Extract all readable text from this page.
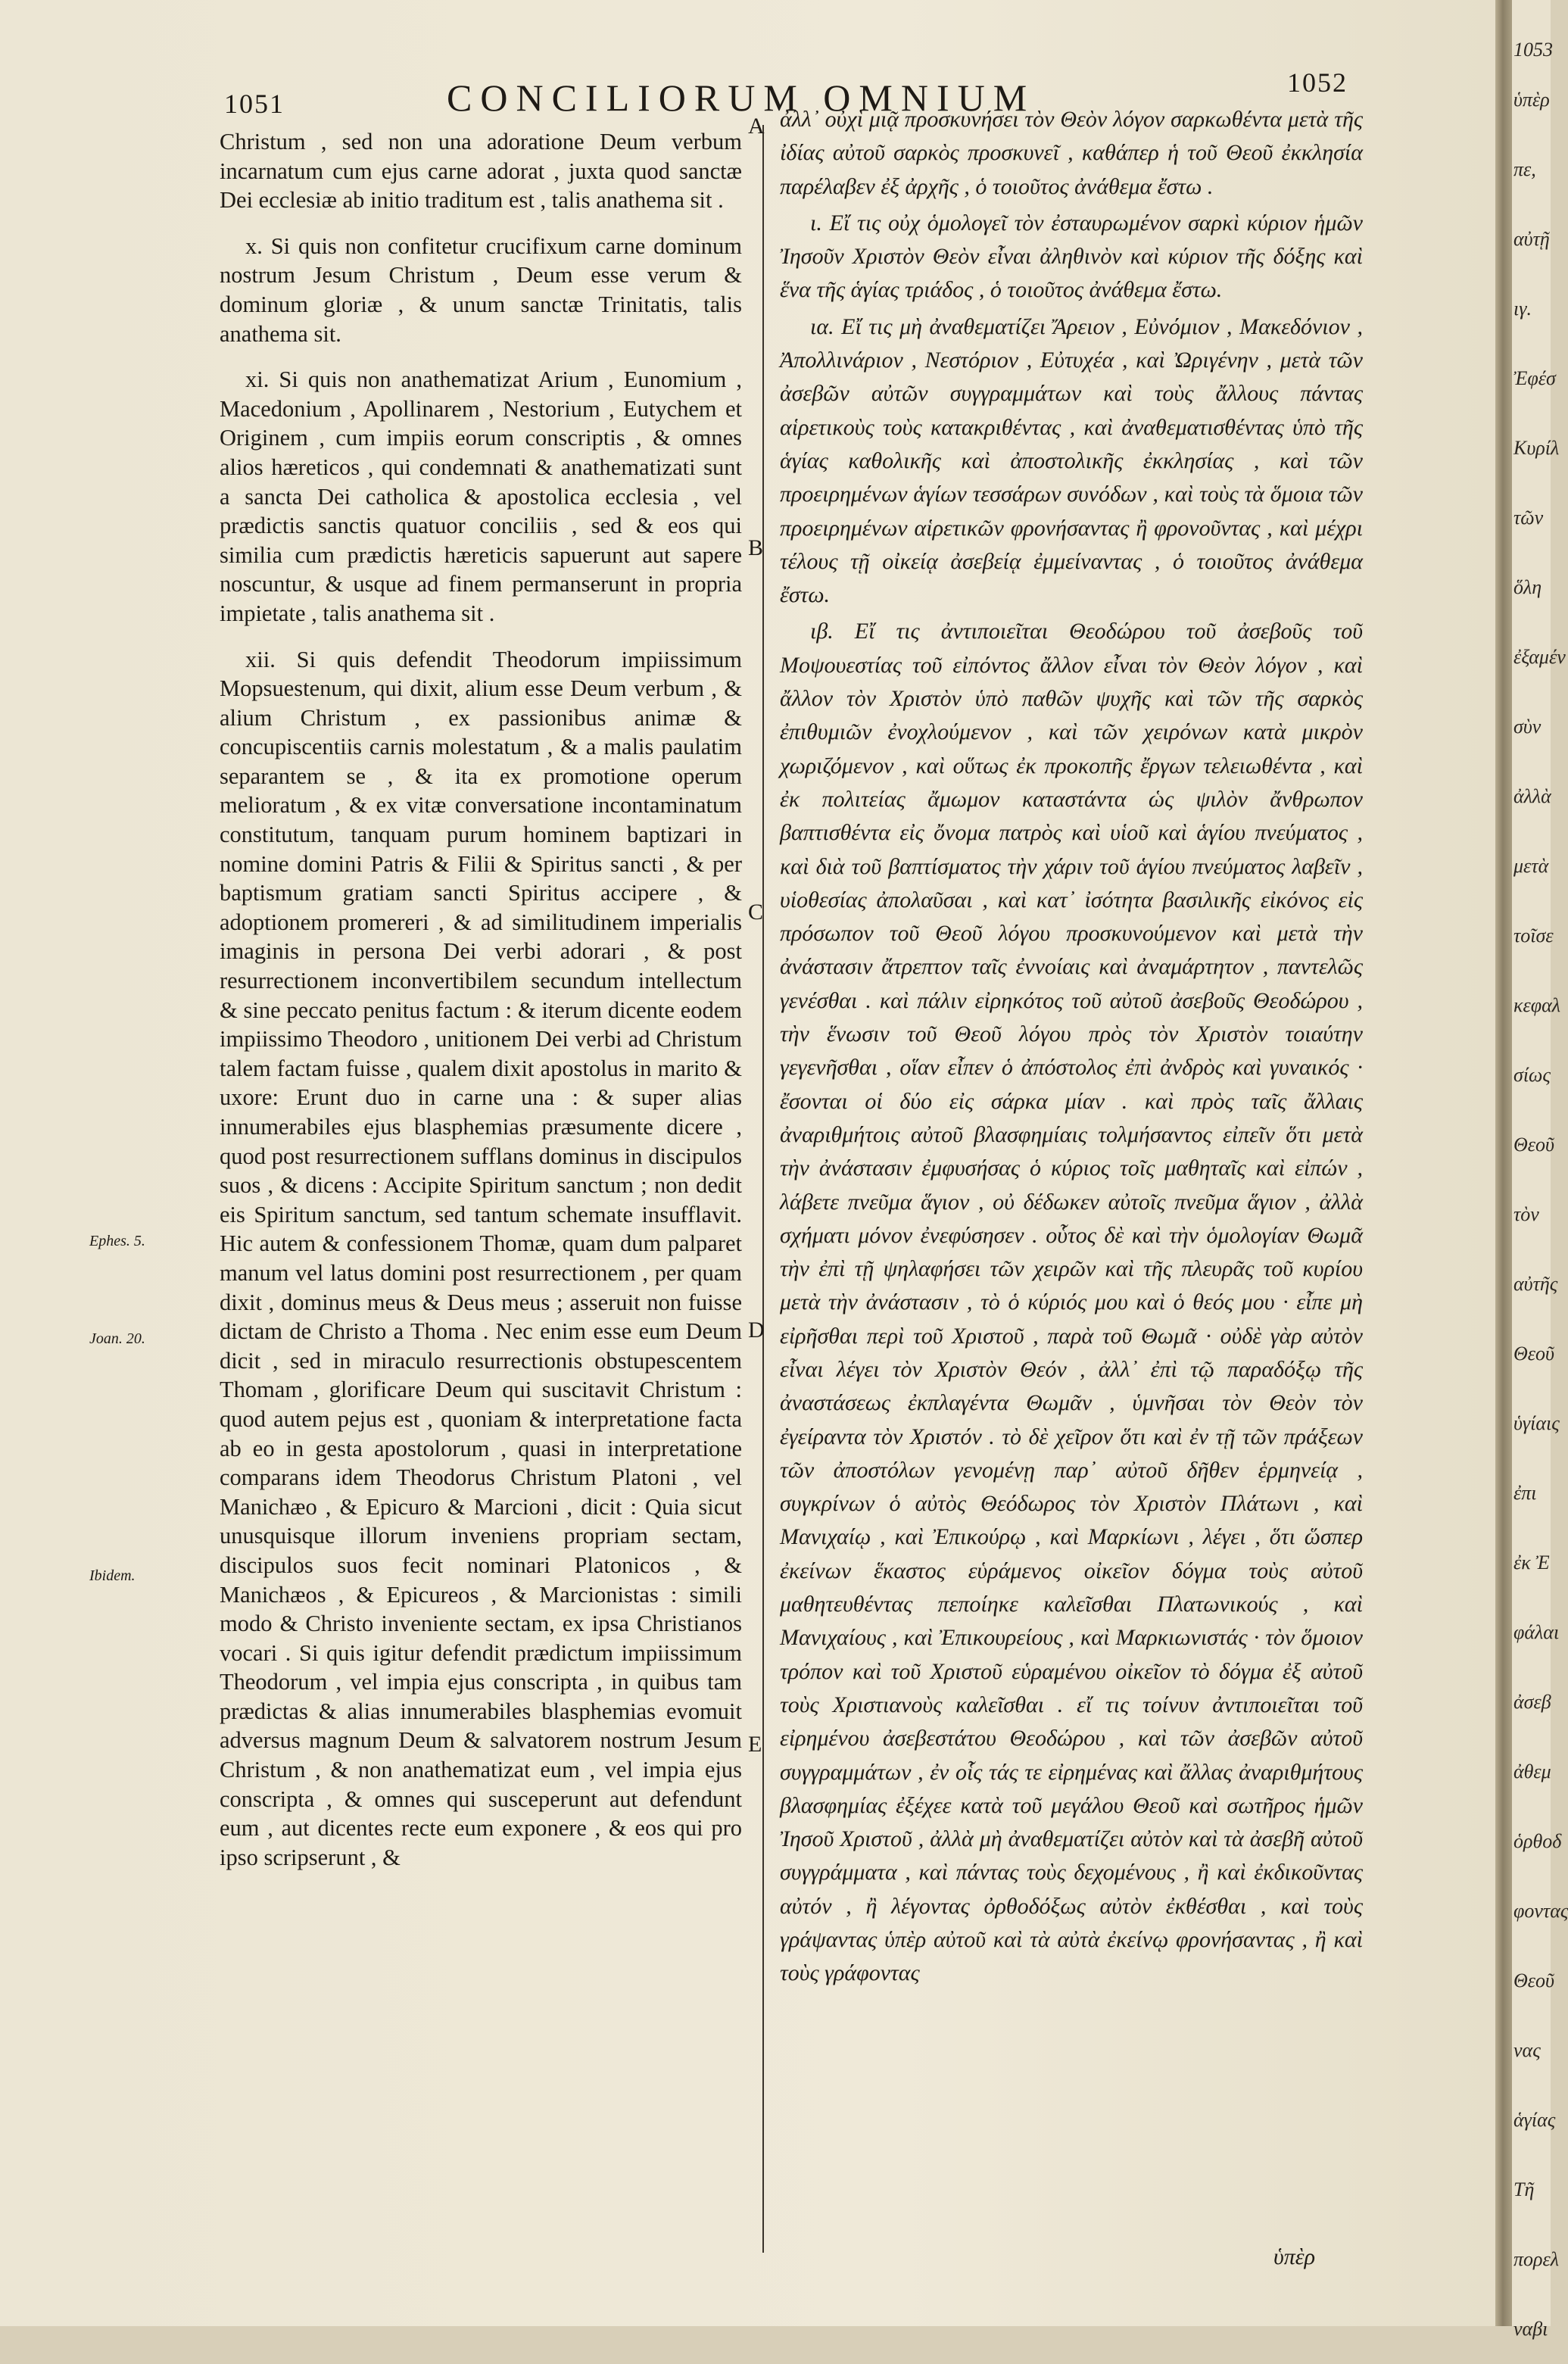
1051	CONCILIORUM OMNIUM	1052

Christum , sed non una adoratione Deum verbum incarnatum cum ejus carne adorat , juxta quod sanctæ Dei ecclesiæ ab initio traditum est , talis anathema sit .

x. Si quis non confitetur crucifixum carne dominum nostrum Jesum Christum , Deum esse verum & dominum gloriæ , & unum sanctæ Trinitatis, talis anathema sit.

xi. Si quis non anathematizat Arium , Eunomium , Macedonium , Apollinarem , Nestorium , Eutychem et Originem , cum impiis eorum conscriptis , & omnes alios hæreticos , qui condemnati & anathematizati sunt a sancta Dei catholica & apostolica ecclesia , vel prædictis sanctis quatuor conciliis , sed & eos qui similia cum prædictis hæreticis sapuerunt aut sapere noscuntur, & usque ad finem permanserunt in propria impietate , talis anathema sit .

xii. Si quis defendit Theodorum impiissimum Mopsuestenum, qui dixit, alium esse Deum verbum , & alium Christum , ex passionibus animæ & concupiscentiis carnis molestatum , & a malis paulatim separantem se , & ita ex promotione operum melioratum , & ex vitæ conversatione incontaminatum constitutum, tanquam purum hominem baptizari in nomine domini Patris & Filii & Spiritus sancti , & per baptismum gratiam sancti Spiritus accipere , & adoptionem promereri , & ad similitudinem imperialis imaginis in persona Dei verbi adorari , & post resurrectionem inconvertibilem secundum intellectum & sine peccato penitus factum : & iterum dicente eodem impiissimo Theodoro , unitionem Dei verbi ad Christum talem factam fuisse , qualem dixit apostolus in marito & uxore: Erunt duo in carne una : & super alias innumerabiles ejus blasphemias præsumente dicere , quod post resurrectionem sufflans dominus in discipulos suos , & dicens : Accipite Spiritum sanctum ; non dedit eis Spiritum sanctum, sed tantum schemate insufflavit. Hic autem & confessionem Thomæ, quam dum palparet manum vel latus domini post resurrectionem , per quam dixit , dominus meus & Deus meus ; asseruit non fuisse dictam de Christo a Thoma . Nec enim esse eum Deum dicit , sed in miraculo resurrectionis obstupescentem Thomam , glorificare Deum qui suscitavit Christum : quod autem pejus est , quoniam & interpretatione facta ab eo in gesta apostolorum , quasi in interpretatione comparans idem Theodorus Christum Platoni , vel Manichæo , & Epicuro & Marcioni , dicit : Quia sicut unusquisque illorum inveniens propriam sectam, discipulos suos fecit nominari Platonicos , & Manichæos , & Epicureos , & Marcionistas : simili modo & Christo inveniente sectam, ex ipsa Christianos vocari . Si quis igitur defendit prædictum impiissimum Theodorum , vel impia ejus conscripta , in quibus tam prædictas & alias innumerabiles blasphemias evomuit adversus magnum Deum & salvatorem nostrum Jesum Christum , & non anathematizat eum , vel impia ejus conscripta , & omnes qui susceperunt aut defendunt eum , aut dicentes recte eum exponere , & eos qui pro ipso scripserunt , &

A
B
C
D
E
Ephes. 5.
Joan. 20.
Ibidem.

ἀλλ᾽ οὐχὶ μιᾷ προσκυνήσει τὸν Θεὸν λόγον σαρκωθέντα μετὰ τῆς ἰδίας αὐτοῦ σαρκὸς προσκυνεῖ , καθάπερ ἡ τοῦ Θεοῦ ἐκκλησία παρέλαβεν ἐξ ἀρχῆς , ὁ τοιοῦτος ἀνάθεμα ἔστω .

ι. Εἴ τις οὐχ ὁμολογεῖ τὸν ἐσταυρωμένον σαρκὶ κύριον ἡμῶν Ἰησοῦν Χριστὸν Θεὸν εἶναι ἀληθινὸν καὶ κύριον τῆς δόξης καὶ ἕνα τῆς ἁγίας τριάδος , ὁ τοιοῦτος ἀνάθεμα ἔστω.

ια. Εἴ τις μὴ ἀναθεματίζει Ἄρειον , Εὐνόμιον , Μακεδόνιον , Ἀπολλινάριον , Νεστόριον , Εὐτυχέα , καὶ Ὠριγένην , μετὰ τῶν ἀσεβῶν αὐτῶν συγγραμμάτων καὶ τοὺς ἄλλους πάντας αἱρετικοὺς τοὺς κατακριθέντας , καὶ ἀναθεματισθέντας ὑπὸ τῆς ἁγίας καθολικῆς καὶ ἀποστολικῆς ἐκκλησίας , καὶ τῶν προειρημένων ἁγίων τεσσάρων συνόδων , καὶ τοὺς τὰ ὅμοια τῶν προειρημένων αἱρετικῶν φρονήσαντας ἢ φρονοῦντας , καὶ μέχρι τέλους τῇ οἰκείᾳ ἀσεβείᾳ ἐμμείναντας , ὁ τοιοῦτος ἀνάθεμα ἔστω.

ιβ. Εἴ τις ἀντιποιεῖται Θεοδώρου τοῦ ἀσεβοῦς τοῦ Μοψουεστίας τοῦ εἰπόντος ἄλλον εἶναι τὸν Θεὸν λόγον , καὶ ἄλλον τὸν Χριστὸν ὑπὸ παθῶν ψυχῆς καὶ τῶν τῆς σαρκὸς ἐπιθυμιῶν ἐνοχλούμενον , καὶ τῶν χειρόνων κατὰ μικρὸν χωριζόμενον , καὶ οὕτως ἐκ προκοπῆς ἔργων τελειωθέντα , καὶ ἐκ πολιτείας ἄμωμον καταστάντα ὡς ψιλὸν ἄνθρωπον βαπτισθέντα εἰς ὄνομα πατρὸς καὶ υἱοῦ καὶ ἁγίου πνεύματος , καὶ διὰ τοῦ βαπτίσματος τὴν χάριν τοῦ ἁγίου πνεύματος λαβεῖν , υἱοθεσίας ἀπολαῦσαι , καὶ κατ᾽ ἰσότητα βασιλικῆς εἰκόνος εἰς πρόσωπον τοῦ Θεοῦ λόγου προσκυνούμενον καὶ μετὰ τὴν ἀνάστασιν ἄτρεπτον ταῖς ἐννοίαις καὶ ἀναμάρτητον , παντελῶς γενέσθαι . καὶ πάλιν εἰρηκότος τοῦ αὐτοῦ ἀσεβοῦς Θεοδώρου , τὴν ἕνωσιν τοῦ Θεοῦ λόγου πρὸς τὸν Χριστὸν τοιαύτην γεγενῆσθαι , οἵαν εἶπεν ὁ ἀπόστολος ἐπὶ ἀνδρὸς καὶ γυναικός · ἔσονται οἱ δύο εἰς σάρκα μίαν . καὶ πρὸς ταῖς ἄλλαις ἀναριθμήτοις αὐτοῦ βλασφημίαις τολμήσαντος εἰπεῖν ὅτι μετὰ τὴν ἀνάστασιν ἐμφυσήσας ὁ κύριος τοῖς μαθηταῖς καὶ εἰπών , λάβετε πνεῦμα ἅγιον , οὐ δέδωκεν αὐτοῖς πνεῦμα ἅγιον , ἀλλὰ σχήματι μόνον ἐνεφύσησεν . οὗτος δὲ καὶ τὴν ὁμολογίαν Θωμᾶ τὴν ἐπὶ τῇ ψηλαφήσει τῶν χειρῶν καὶ τῆς πλευρᾶς τοῦ κυρίου μετὰ τὴν ἀνάστασιν , τὸ ὁ κύριός μου καὶ ὁ θεός μου · εἶπε μὴ εἰρῆσθαι περὶ τοῦ Χριστοῦ , παρὰ τοῦ Θωμᾶ · οὐδὲ γὰρ αὐτὸν εἶναι λέγει τὸν Χριστὸν Θεόν , ἀλλ᾽ ἐπὶ τῷ παραδόξῳ τῆς ἀναστάσεως ἐκπλαγέντα Θωμᾶν , ὑμνῆσαι τὸν Θεὸν τὸν ἐγείραντα τὸν Χριστόν . τὸ δὲ χεῖρον ὅτι καὶ ἐν τῇ τῶν πράξεων τῶν ἀποστόλων γενομένῃ παρ᾽ αὐτοῦ δῆθεν ἑρμηνείᾳ , συγκρίνων ὁ αὐτὸς Θεόδωρος τὸν Χριστὸν Πλάτωνι , καὶ Μανιχαίῳ , καὶ Ἐπικούρῳ , καὶ Μαρκίωνι , λέγει , ὅτι ὥσπερ ἐκείνων ἕκαστος εὑράμενος οἰκεῖον δόγμα τοὺς αὐτοῦ μαθητευθέντας πεποίηκε καλεῖσθαι Πλατωνικούς , καὶ Μανιχαίους , καὶ Ἐπικουρείους , καὶ Μαρκιωνιστάς · τὸν ὅμοιον τρόπον καὶ τοῦ Χριστοῦ εὑραμένου οἰκεῖον τὸ δόγμα ἐξ αὐτοῦ τοὺς Χριστιανοὺς καλεῖσθαι . εἴ τις τοίνυν ἀντιποιεῖται τοῦ εἰρημένου ἀσεβεστάτου Θεοδώρου , καὶ τῶν ἀσεβῶν αὐτοῦ συγγραμμάτων , ἐν οἷς τάς τε εἰρημένας καὶ ἄλλας ἀναριθμήτους βλασφημίας ἐξέχεε κατὰ τοῦ μεγάλου Θεοῦ καὶ σωτῆρος ἡμῶν Ἰησοῦ Χριστοῦ , ἀλλὰ μὴ ἀναθεματίζει αὐτὸν καὶ τὰ ἀσεβῆ αὐτοῦ συγγράμματα , καὶ πάντας τοὺς δεχομένους , ἢ καὶ ἐκδικοῦντας αὐτόν , ἢ λέγοντας ὀρθοδόξως αὐτὸν ἐκθέσθαι , καὶ τοὺς γράψαντας ὑπὲρ αὐτοῦ καὶ τὰ αὐτὰ ἐκείνῳ φρονήσαντας , ἢ καὶ τοὺς γράφοντας

ὑπὲρ
1053
ὑπὲρ
πε,
αὐτῇ
ιγ.
Ἐφέσ
Κυρίλ
τῶν
ὅλη
ἐξαμέν
σὺν
ἀλλὰ
μετὰ
τοῖσε
κεφαλ
σίως
Θεοῦ
τὸν
αὐτῆς
Θεοῦ
ὑγίαις
ἐπι
ἐκ Ἐ
φάλαι
ἀσεβ
ἀθεμ
ὁρθοδ
φοντας
Θεοῦ
νας
ἁγίας
Τῆ
πορελ
ναβι
